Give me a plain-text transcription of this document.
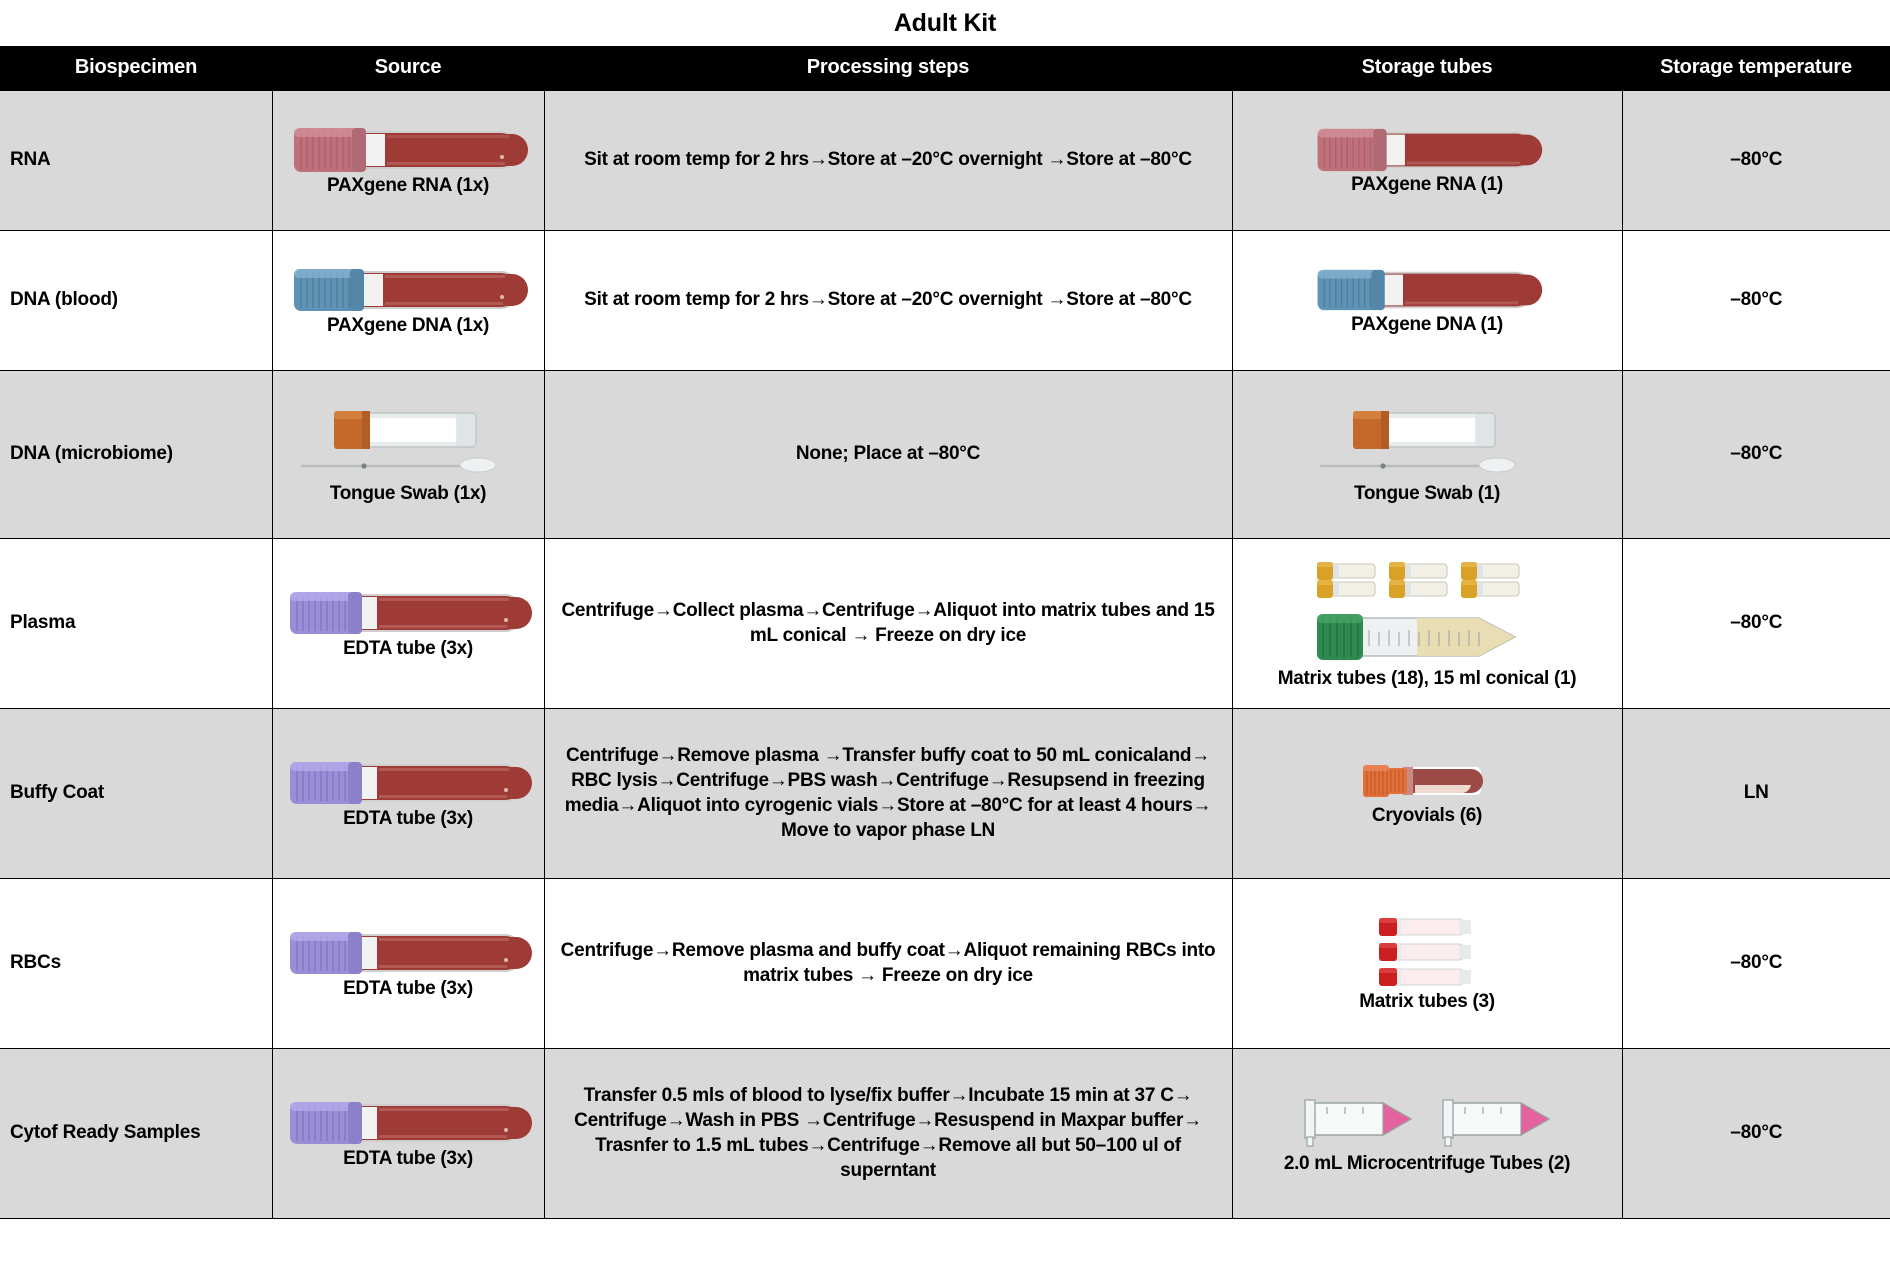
Adult Kit
Biospecimen	Source	Processing steps	Storage tubes	Storage temperature
RNA	PAXgene RNA (1x)	Sit at room temp for 2 hrs→Store at –20°C overnight →Store at –80°C	PAXgene RNA (1)	–80°C
DNA (blood)	PAXgene DNA (1x)	Sit at room temp for 2 hrs→Store at –20°C overnight →Store at –80°C	PAXgene DNA (1)	–80°C
DNA (microbiome)	Tongue Swab (1x)	None; Place at –80°C	Tongue Swab (1)	–80°C
Plasma	EDTA tube (3x)	Centrifuge→Collect plasma→Centrifuge→Aliquot into matrix tubes and 15 mL conical → Freeze on dry ice	Matrix tubes (18), 15 ml conical (1)	–80°C
Buffy Coat	EDTA tube (3x)	Centrifuge→Remove plasma →Transfer buffy coat to 50 mL conicaland→ RBC lysis→Centrifuge→PBS wash→Centrifuge→Resupsend in freezing media→Aliquot into cyrogenic vials→Store at –80°C for at least 4 hours→ Move to vapor phase LN	Cryovials (6)	LN
RBCs	EDTA tube (3x)	Centrifuge→Remove plasma and buffy coat→Aliquot remaining RBCs into matrix tubes → Freeze on dry ice	Matrix tubes (3)	–80°C
Cytof Ready Samples	EDTA tube (3x)	Transfer 0.5 mls of blood to lyse/fix buffer→Incubate 15 min at 37 C→ Centrifuge→Wash in PBS →Centrifuge→Resuspend in Maxpar buffer→ Trasnfer to 1.5 mL tubes→Centrifuge→Remove all but 50–100 ul of superntant	2.0 mL Microcentrifuge Tubes (2)	–80°C
